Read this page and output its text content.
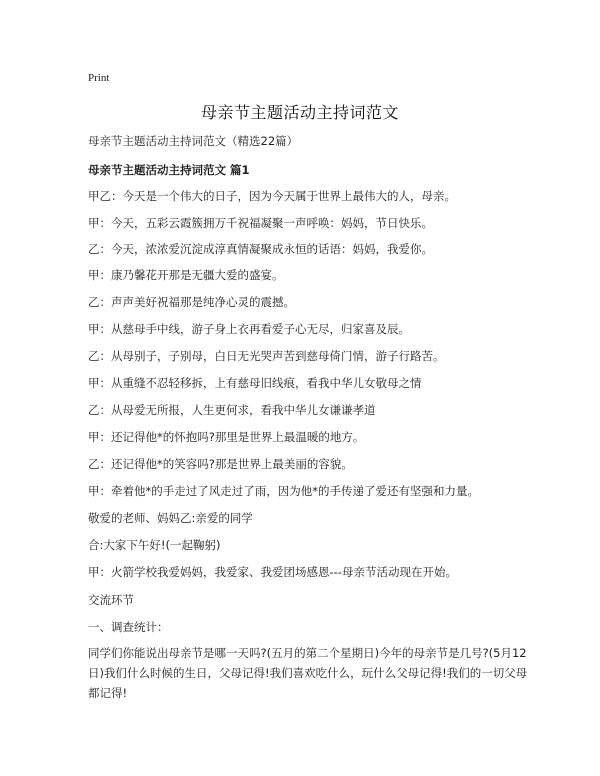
Print
母亲节主题活动主持词范文
母亲节主题活动主持词范文（精选22篇）
母亲节主题活动主持词范文 篇1
甲乙：今天是一个伟大的日子，因为今天属于世界上最伟大的人，母亲。
甲：今天，五彩云霞簇拥万千祝福凝聚一声呼唤：妈妈，节日快乐。
乙：今天，浓浓爱沉淀成淳真情凝聚成永恒的话语：妈妈，我爱你。
甲：康乃馨花开那是无疆大爱的盛宴。
乙：声声美好祝福那是纯净心灵的震撼。
甲：从慈母手中线，游子身上衣再看爱子心无尽，归家喜及辰。
乙：从母别子，子别母，白日无光哭声苦到慈母倚门情，游子行路苦。
甲：从重缝不忍轻移拆，上有慈母旧线痕，看我中华儿女敬母之情
乙：从母爱无所报，人生更何求，看我中华儿女谦谦孝道
甲：还记得他*的怀抱吗?那里是世界上最温暖的地方。
乙：还记得他*的笑容吗?那是世界上最美丽的容貌。
甲：牵着他*的手走过了风走过了雨，因为他*的手传递了爱还有坚强和力量。
敬爱的老师、妈妈乙:亲爱的同学
合:大家下午好!(一起鞠躬)
甲：火箭学校我爱妈妈，我爱家、我爱团场感恩---母亲节活动现在开始。
交流环节
一、调查统计：
同学们你能说出母亲节是哪一天吗?(五月的第二个星期日)今年的母亲节是几号?(5月12日)我们什么时候的生日，父母记得!我们喜欢吃什么，玩什么父母记得!我们的一切父母都记得!
